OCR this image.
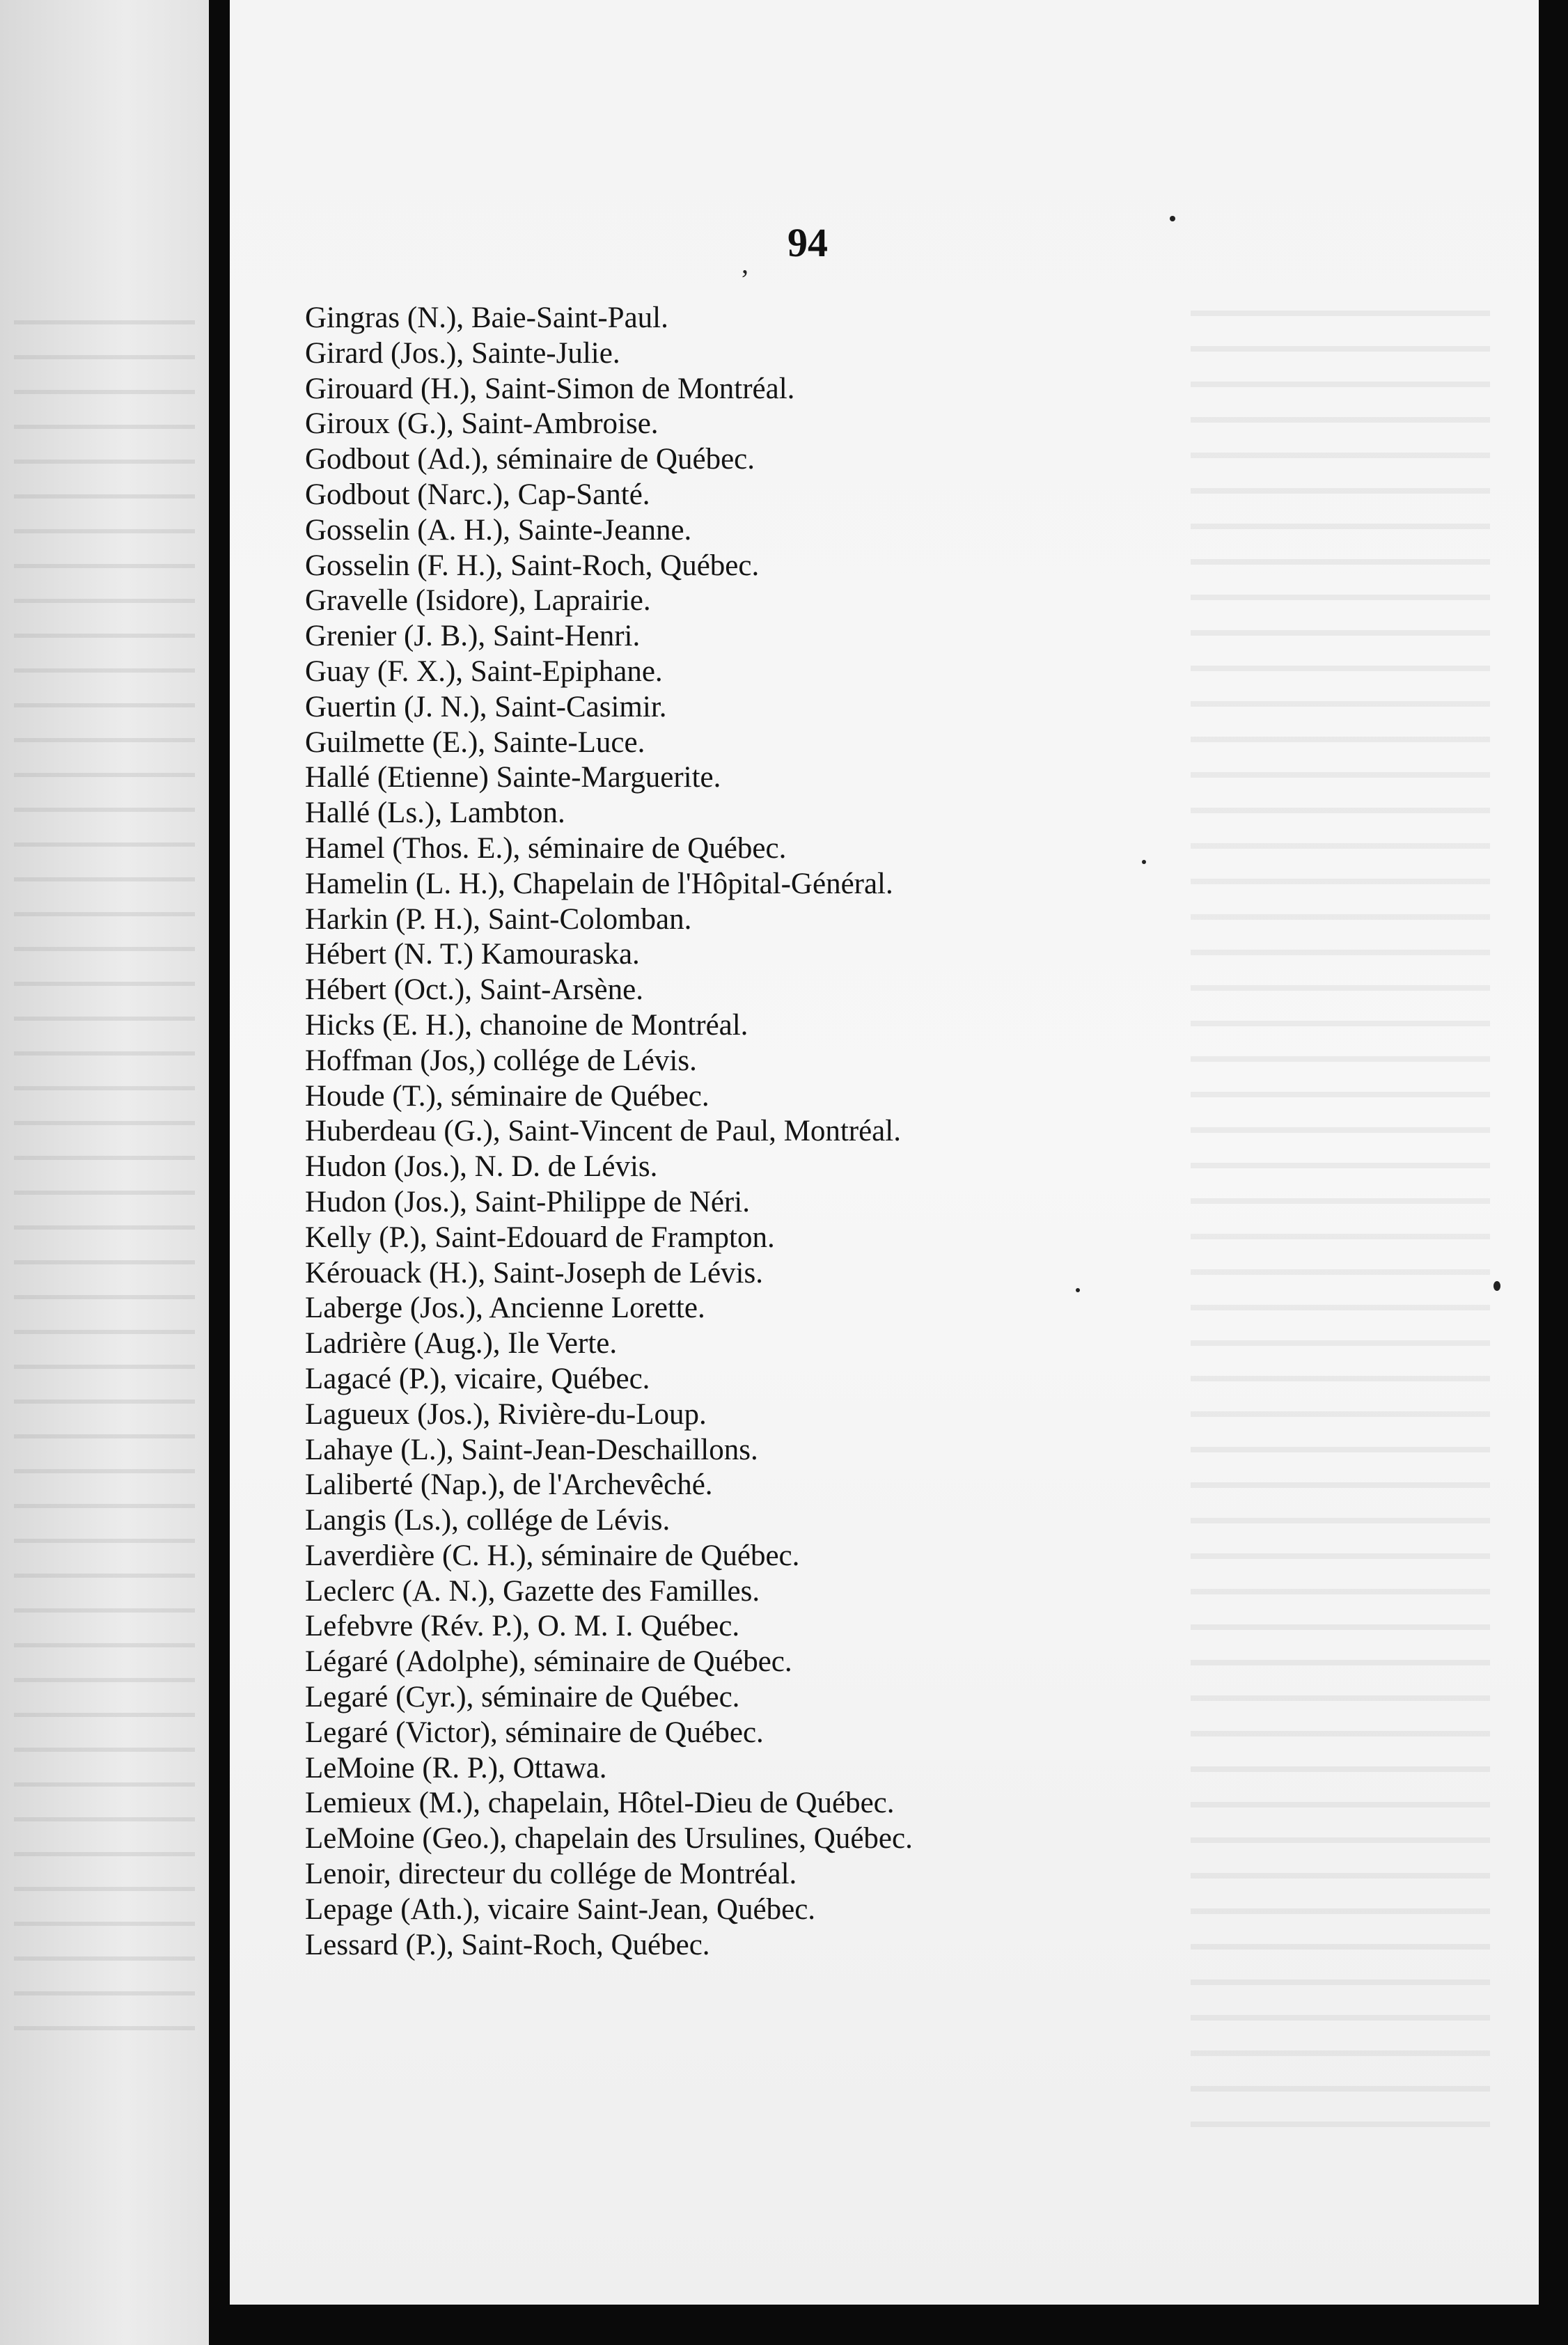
, 94
Gingras (N.), Baie-Saint-Paul.
Girard (Jos.), Sainte-Julie.
Girouard (H.), Saint-Simon de Montréal.
Giroux (G.), Saint-Ambroise.
Godbout (Ad.), séminaire de Québec.
Godbout (Narc.), Cap-Santé.
Gosselin (A. H.), Sainte-Jeanne.
Gosselin (F. H.), Saint-Roch, Québec.
Gravelle (Isidore), Laprairie.
Grenier (J. B.), Saint-Henri.
Guay (F. X.), Saint-Epiphane.
Guertin (J. N.), Saint-Casimir.
Guilmette (E.), Sainte-Luce.
Hallé (Etienne) Sainte-Marguerite.
Hallé (Ls.), Lambton.
Hamel (Thos. E.), séminaire de Québec.
Hamelin (L. H.), Chapelain de l'Hôpital-Général.
Harkin (P. H.), Saint-Colomban.
Hébert (N. T.) Kamouraska.
Hébert (Oct.), Saint-Arsène.
Hicks (E. H.), chanoine de Montréal.
Hoffman (Jos,) collége de Lévis.
Houde (T.), séminaire de Québec.
Huberdeau (G.), Saint-Vincent de Paul, Montréal.
Hudon (Jos.), N. D. de Lévis.
Hudon (Jos.), Saint-Philippe de Néri.
Kelly (P.), Saint-Edouard de Frampton.
Kérouack (H.), Saint-Joseph de Lévis.
Laberge (Jos.), Ancienne Lorette.
Ladrière (Aug.), Ile Verte.
Lagacé (P.), vicaire, Québec.
Lagueux (Jos.), Rivière-du-Loup.
Lahaye (L.), Saint-Jean-Deschaillons.
Laliberté (Nap.), de l'Archevêché.
Langis (Ls.), collége de Lévis.
Laverdière (C. H.), séminaire de Québec.
Leclerc (A. N.), Gazette des Familles.
Lefebvre (Rév. P.), O. M. I. Québec.
Légaré (Adolphe), séminaire de Québec.
Legaré (Cyr.), séminaire de Québec.
Legaré (Victor), séminaire de Québec.
LeMoine (R. P.), Ottawa.
Lemieux (M.), chapelain, Hôtel-Dieu de Québec.
LeMoine (Geo.), chapelain des Ursulines, Québec.
Lenoir, directeur du collége de Montréal.
Lepage (Ath.), vicaire Saint-Jean, Québec.
Lessard (P.), Saint-Roch, Québec.
